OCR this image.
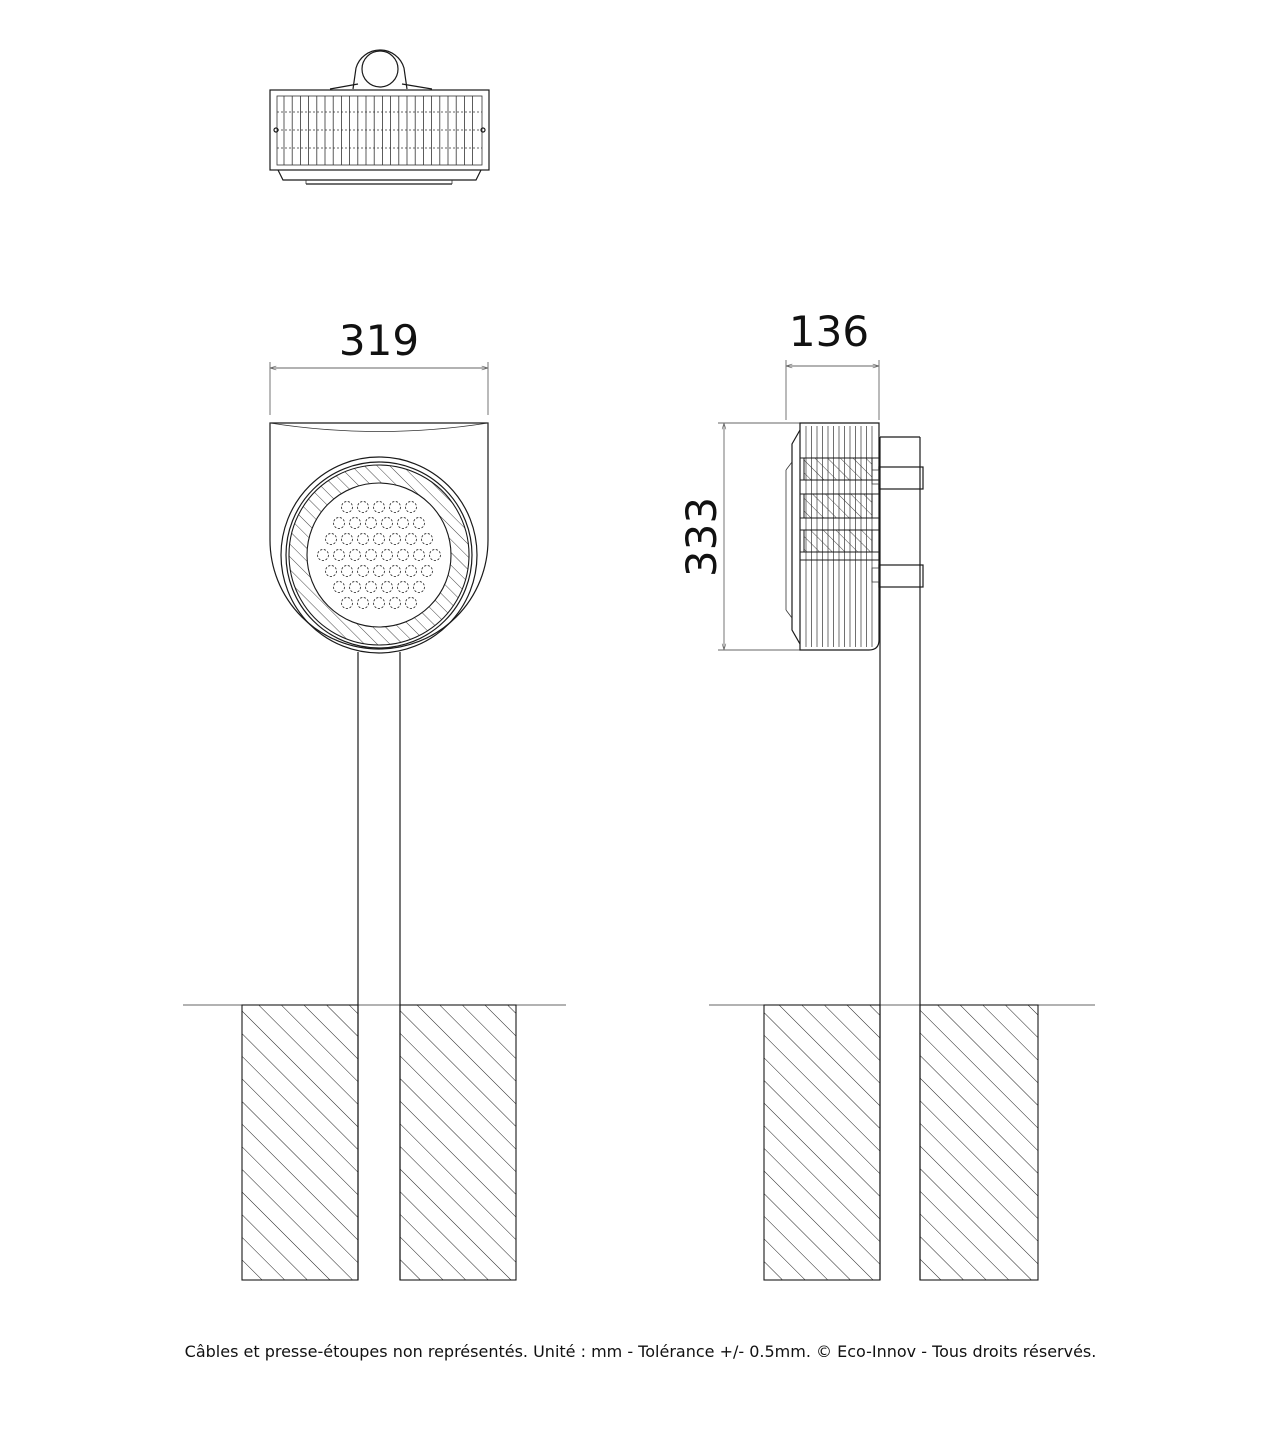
319	136
333
Câbles et presse-étoupes non représentés. Unité : mm - Tolérance +/- 0.5mm. © Eco-Innov - Tous droits réservés.
